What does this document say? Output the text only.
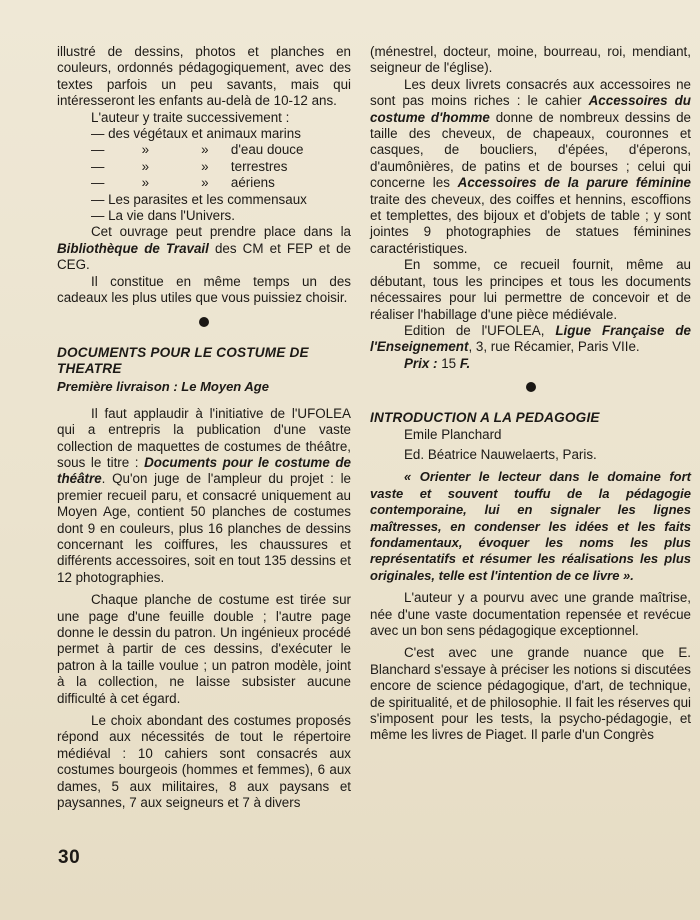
illustré de dessins, photos et planches en couleurs, ordonnés pédagogiquement, avec des textes parfois un peu savants, mais qui intéresseront les enfants au-delà de 10-12 ans.

L'auteur y traite successivement :

— des végétaux et animaux marins
—          »              »      d'eau douce
—          »              »      terrestres
—          »              »      aériens
— Les parasites et les commensaux
— La vie dans l'Univers.

Cet ouvrage peut prendre place dans la Bibliothèque de Travail des CM et FEP et de CEG.

Il constitue en même temps un des cadeaux les plus utiles que vous puissiez choisir.

DOCUMENTS POUR LE COSTUME DE THEATRE

Première livraison : Le Moyen Age

Il faut applaudir à l'initiative de l'UFOLEA qui a entrepris la publication d'une vaste collection de maquettes de costumes de théâtre, sous le titre : Documents pour le costume de théâtre. Qu'on juge de l'ampleur du projet : le premier recueil paru, et consacré uniquement au Moyen Age, contient 50 planches de costumes dont 9 en couleurs, plus 16 planches de dessins concernant les coiffures, les chaussures et différents accessoires, soit en tout 135 dessins et 12 photographies.

Chaque planche de costume est tirée sur une page d'une feuille double ; l'autre page donne le dessin du patron. Un ingénieux procédé permet à partir de ces dessins, d'exécuter le patron à la taille voulue ; un patron modèle, joint à la collection, ne laisse subsister aucune difficulté à cet égard.

Le choix abondant des costumes proposés répond aux nécessités de tout le répertoire médiéval : 10 cahiers sont consacrés aux costumes bourgeois (hommes et femmes), 6 aux dames, 5 aux militaires, 8 aux paysans et paysannes, 7 aux seigneurs et 7 à divers

(ménestrel, docteur, moine, bourreau, roi, mendiant, seigneur de l'église).

Les deux livrets consacrés aux accessoires ne sont pas moins riches : le cahier Accessoires du costume d'homme donne de nombreux dessins de taille des cheveux, de chapeaux, couronnes et casques, de boucliers, d'épées, d'éperons, d'aumônières, de patins et de bourses ; celui qui concerne les Accessoires de la parure féminine traite des cheveux, des coiffes et hennins, escoffions et templettes, des bijoux et d'objets de table ; y sont jointes 9 photographies de statues féminines caractéristiques.

En somme, ce recueil fournit, même au débutant, tous les principes et tous les documents nécessaires pour lui permettre de concevoir et de réaliser l'habillage d'une pièce médiévale.

Edition de l'UFOLEA, Ligue Française de l'Enseignement, 3, rue Récamier, Paris VIIe.

Prix : 15 F.

INTRODUCTION A LA PEDAGOGIE

Emile Planchard

Ed. Béatrice Nauwelaerts, Paris.

« Orienter le lecteur dans le domaine fort vaste et souvent touffu de la pédagogie contemporaine, lui en signaler les lignes maîtresses, en condenser les idées et les faits fondamentaux, évoquer les noms les plus représentatifs et résumer les réalisations les plus originales, telle est l'intention de ce livre ».

L'auteur y a pourvu avec une grande maîtrise, née d'une vaste documentation repensée et revécue avec un bon sens pédagogique exceptionnel.

C'est avec une grande nuance que E. Blanchard s'essaye à préciser les notions si discutées encore de science pédagogique, d'art, de technique, de spiritualité, et de philosophie. Il fait les réserves qui s'imposent pour les tests, la psycho-pédagogie, et même les livres de Piaget. Il parle d'un Congrès

30
